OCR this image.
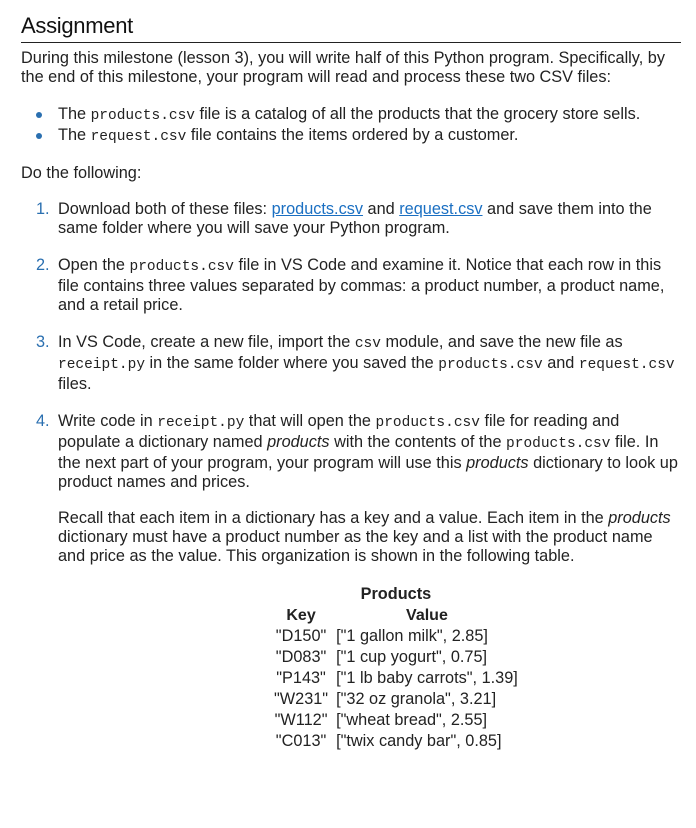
Assignment

During this milestone (lesson 3), you will write half of this Python program. Specifically, by the end of this milestone, your program will read and process these two CSV files:

The products.csv file is a catalog of all the products that the grocery store sells.
The request.csv file contains the items ordered by a customer.

Do the following:

1. Download both of these files: products.csv and request.csv and save them into the same folder where you will save your Python program.
2. Open the products.csv file in VS Code and examine it. Notice that each row in this file contains three values separated by commas: a product number, a product name, and a retail price.
3. In VS Code, create a new file, import the csv module, and save the new file as receipt.py in the same folder where you saved the products.csv and request.csv files.
4. Write code in receipt.py that will open the products.csv file for reading and populate a dictionary named products with the contents of the products.csv file. In the next part of your program, your program will use this products dictionary to look up product names and prices.

Recall that each item in a dictionary has a key and a value. Each item in the products dictionary must have a product number as the key and a list with the product name and price as the value. This organization is shown in the following table.

Products
Key	Value
"D150"	["1 gallon milk", 2.85]
"D083"	["1 cup yogurt", 0.75]
"P143"	["1 lb baby carrots", 1.39]
"W231"	["32 oz granola", 3.21]
"W112"	["wheat bread", 2.55]
"C013"	["twix candy bar", 0.85]
